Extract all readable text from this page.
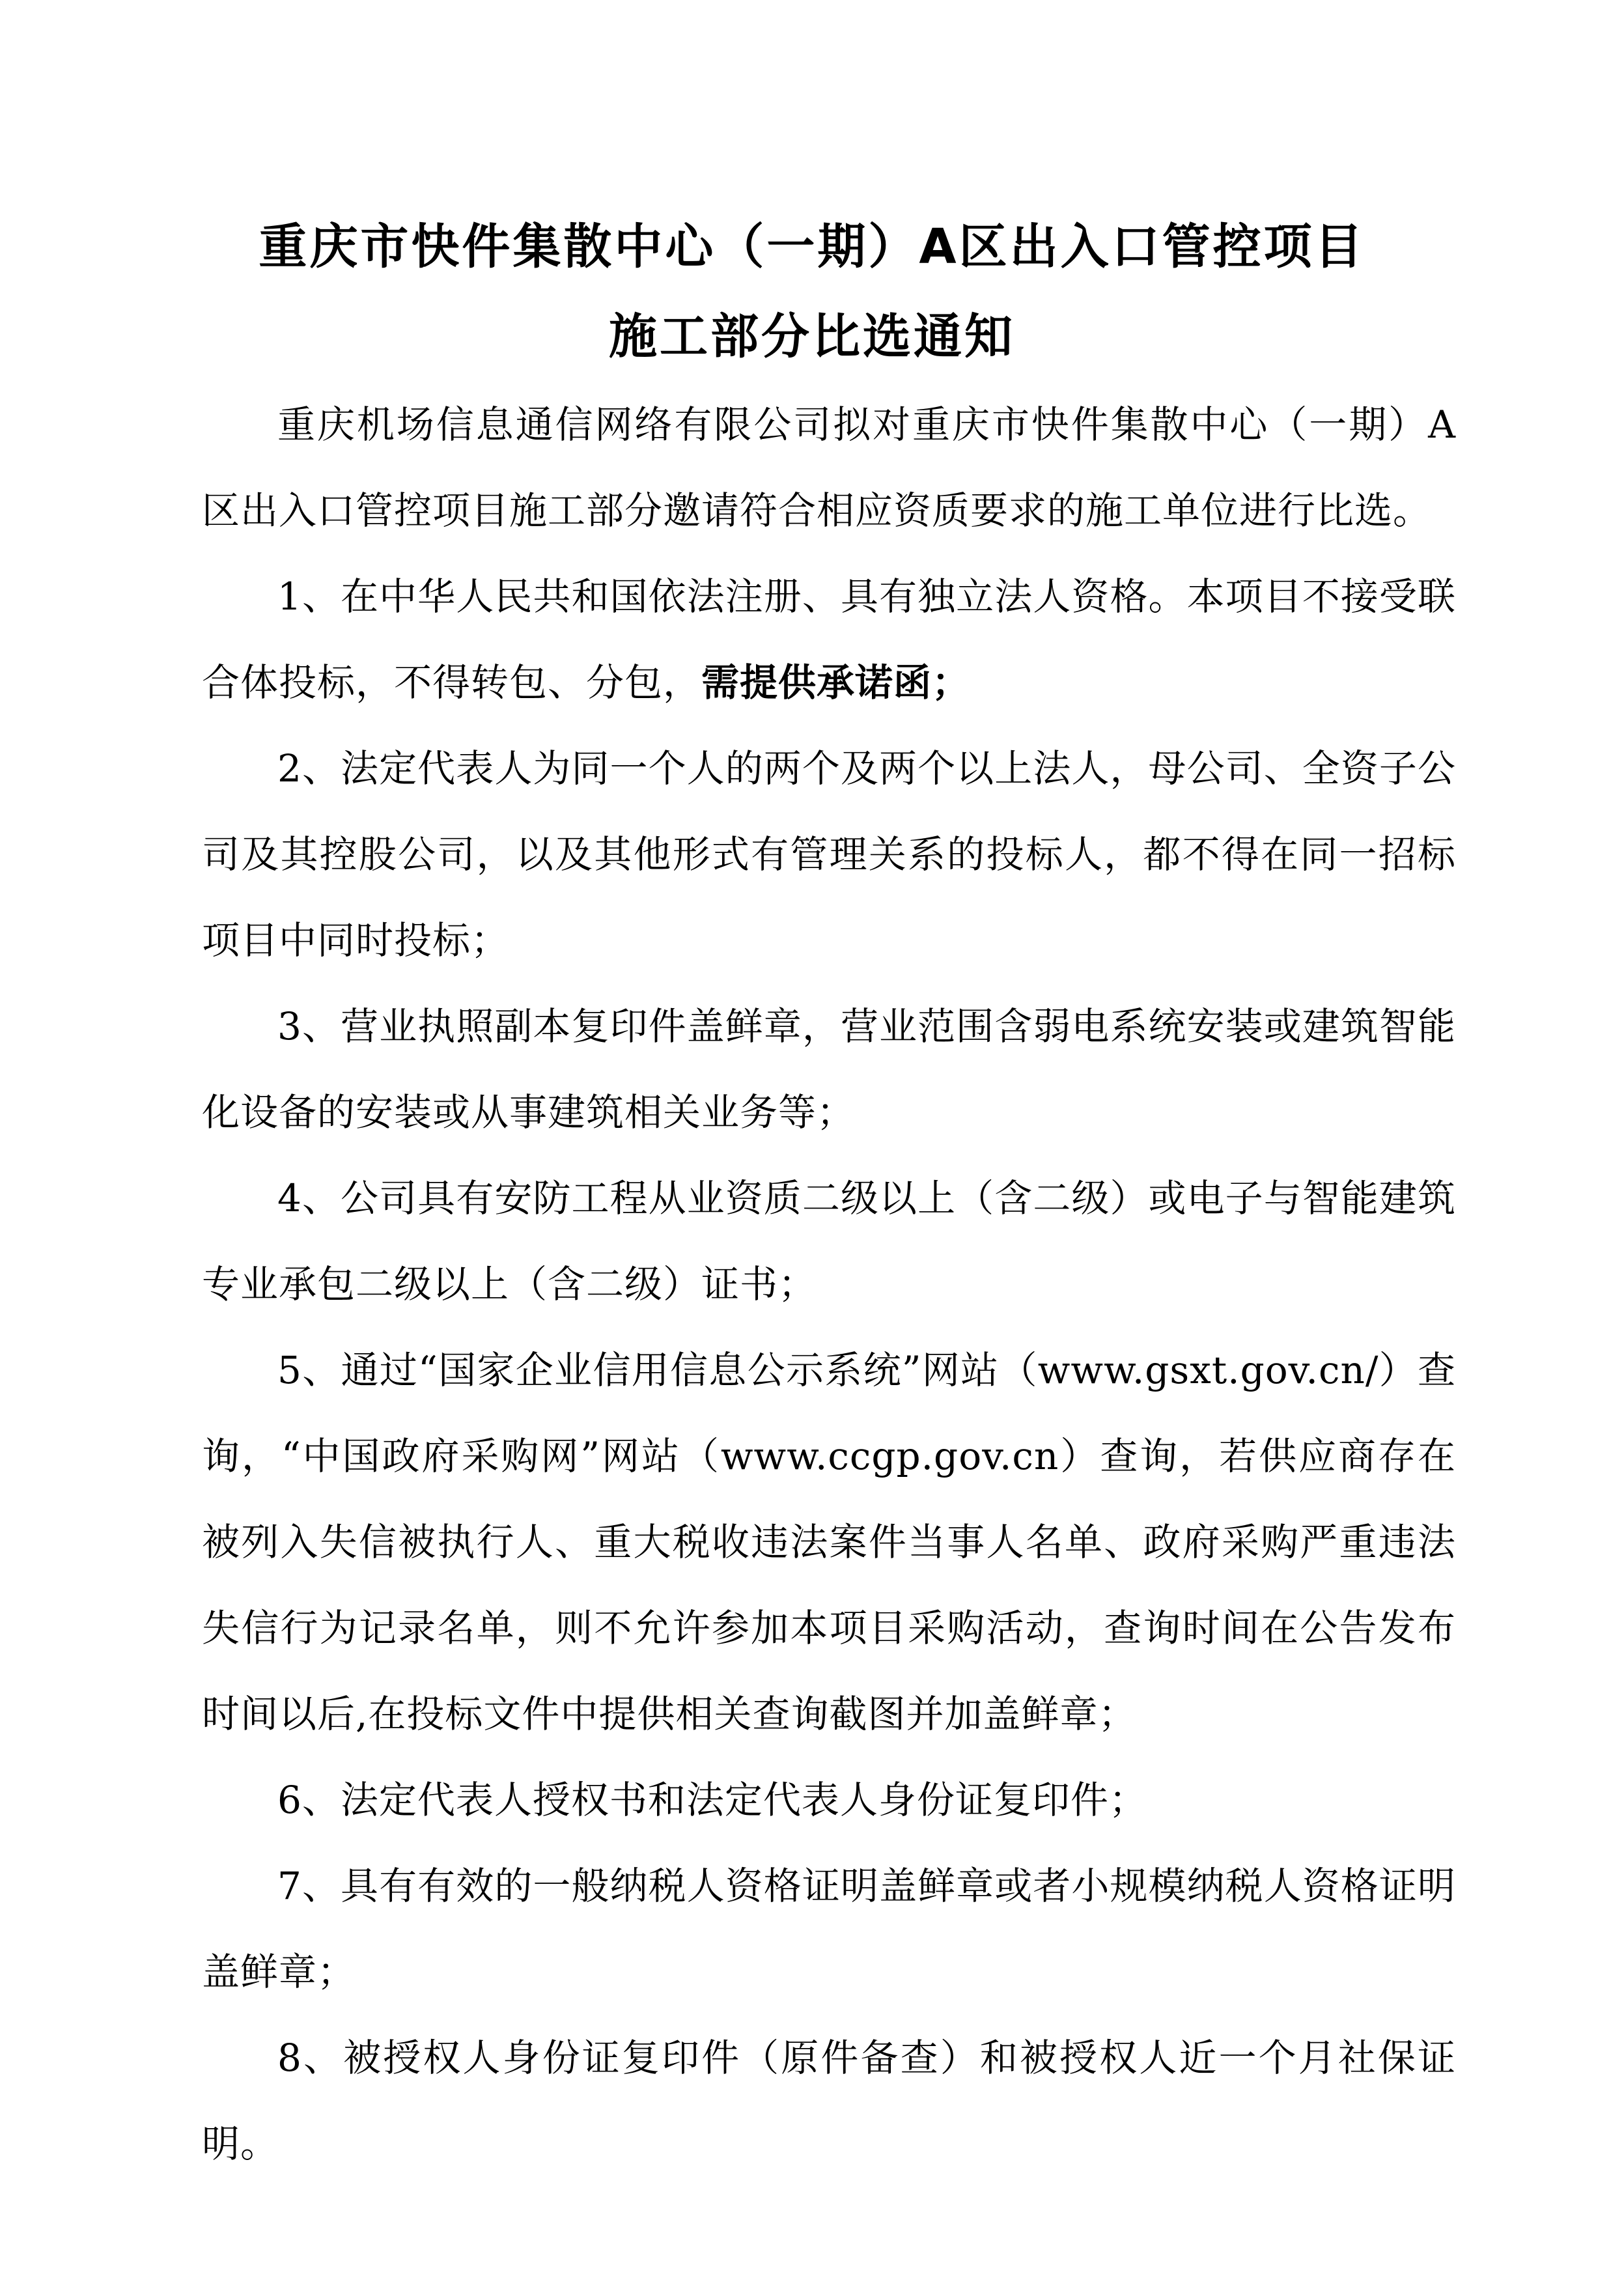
重庆市快件集散中心（一期）A区出入口管控项目
施工部分比选通知

重庆机场信息通信网络有限公司拟对重庆市快件集散中心（一期）A区出入口管控项目施工部分邀请符合相应资质要求的施工单位进行比选。

1、在中华人民共和国依法注册、具有独立法人资格。本项目不接受联合体投标，不得转包、分包，需提供承诺函；

2、法定代表人为同一个人的两个及两个以上法人，母公司、全资子公司及其控股公司，以及其他形式有管理关系的投标人，都不得在同一招标项目中同时投标；

3、营业执照副本复印件盖鲜章，营业范围含弱电系统安装或建筑智能化设备的安装或从事建筑相关业务等；

4、公司具有安防工程从业资质二级以上（含二级）或电子与智能建筑专业承包二级以上（含二级）证书；

5、通过“国家企业信用信息公示系统”网站（www.gsxt.gov.cn/）查询，“中国政府采购网”网站（www.ccgp.gov.cn）查询，若供应商存在被列入失信被执行人、重大税收违法案件当事人名单、政府采购严重违法失信行为记录名单，则不允许参加本项目采购活动，查询时间在公告发布时间以后,在投标文件中提供相关查询截图并加盖鲜章；

6、法定代表人授权书和法定代表人身份证复印件；

7、具有有效的一般纳税人资格证明盖鲜章或者小规模纳税人资格证明盖鲜章；

8、被授权人身份证复印件（原件备查）和被授权人近一个月社保证明。
